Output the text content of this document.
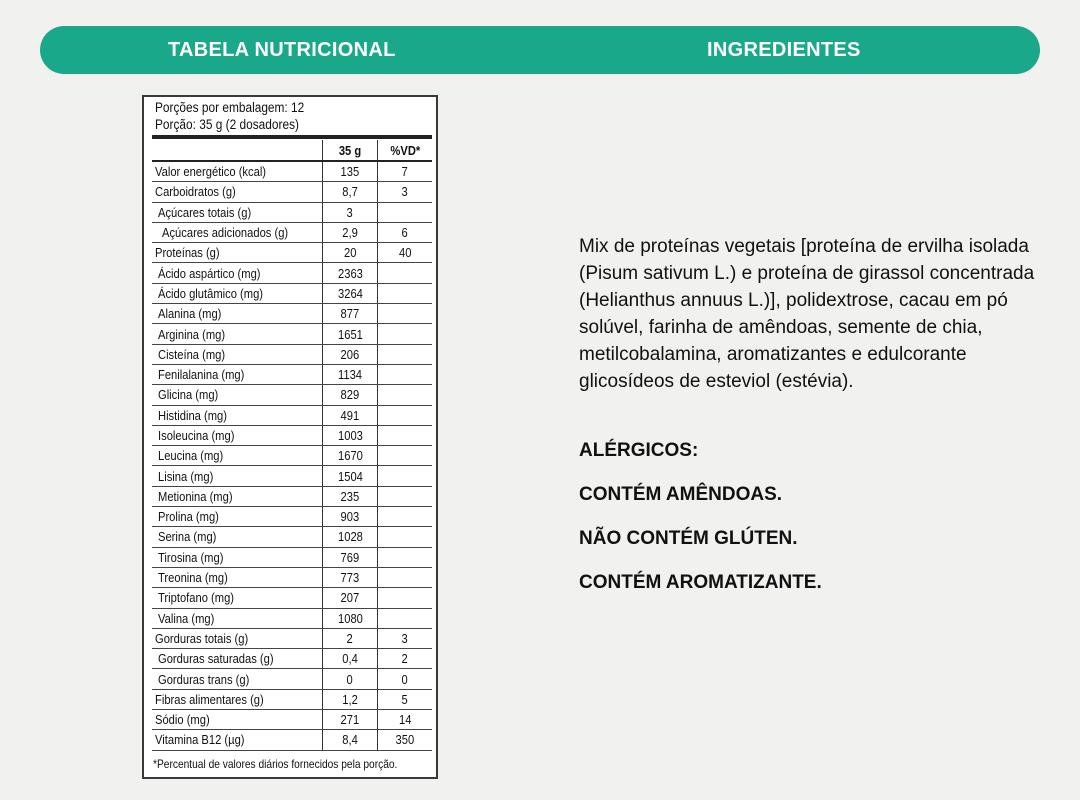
TABELA NUTRICIONAL	INGREDIENTES
Porções por embalagem: 12
Porção: 35 g (2 dosadores)
	35 g	%VD*
Valor energético (kcal)	135	7
Carboidratos (g)	8,7	3
Açúcares totais (g)	3	
Açúcares adicionados (g)	2,9	6
Proteínas (g)	20	40
Ácido aspártico (mg)	2363	
Ácido glutâmico (mg)	3264	
Alanina (mg)	877	
Arginina (mg)	1651	
Cisteína (mg)	206	
Fenilalanina (mg)	1134	
Glicina (mg)	829	
Histidina (mg)	491	
Isoleucina (mg)	1003	
Leucina (mg)	1670	
Lisina (mg)	1504	
Metionina (mg)	235	
Prolina (mg)	903	
Serina (mg)	1028	
Tirosina (mg)	769	
Treonina (mg)	773	
Triptofano (mg)	207	
Valina (mg)	1080	
Gorduras totais (g)	2	3
Gorduras saturadas (g)	0,4	2
Gorduras trans (g)	0	0
Fibras alimentares (g)	1,2	5
Sódio (mg)	271	14
Vitamina B12 (µg)	8,4	350
*Percentual de valores diários fornecidos pela porção.
Mix de proteínas vegetais [proteína de ervilha isolada (Pisum sativum L.) e proteína de girassol concentrada (Helianthus annuus L.)], polidextrose, cacau em pó solúvel, farinha de amêndoas, semente de chia, metilcobalamina, aromatizantes e edulcorante glicosídeos de esteviol (estévia).
ALÉRGICOS:
CONTÉM AMÊNDOAS.
NÃO CONTÉM GLÚTEN.
CONTÉM AROMATIZANTE.
